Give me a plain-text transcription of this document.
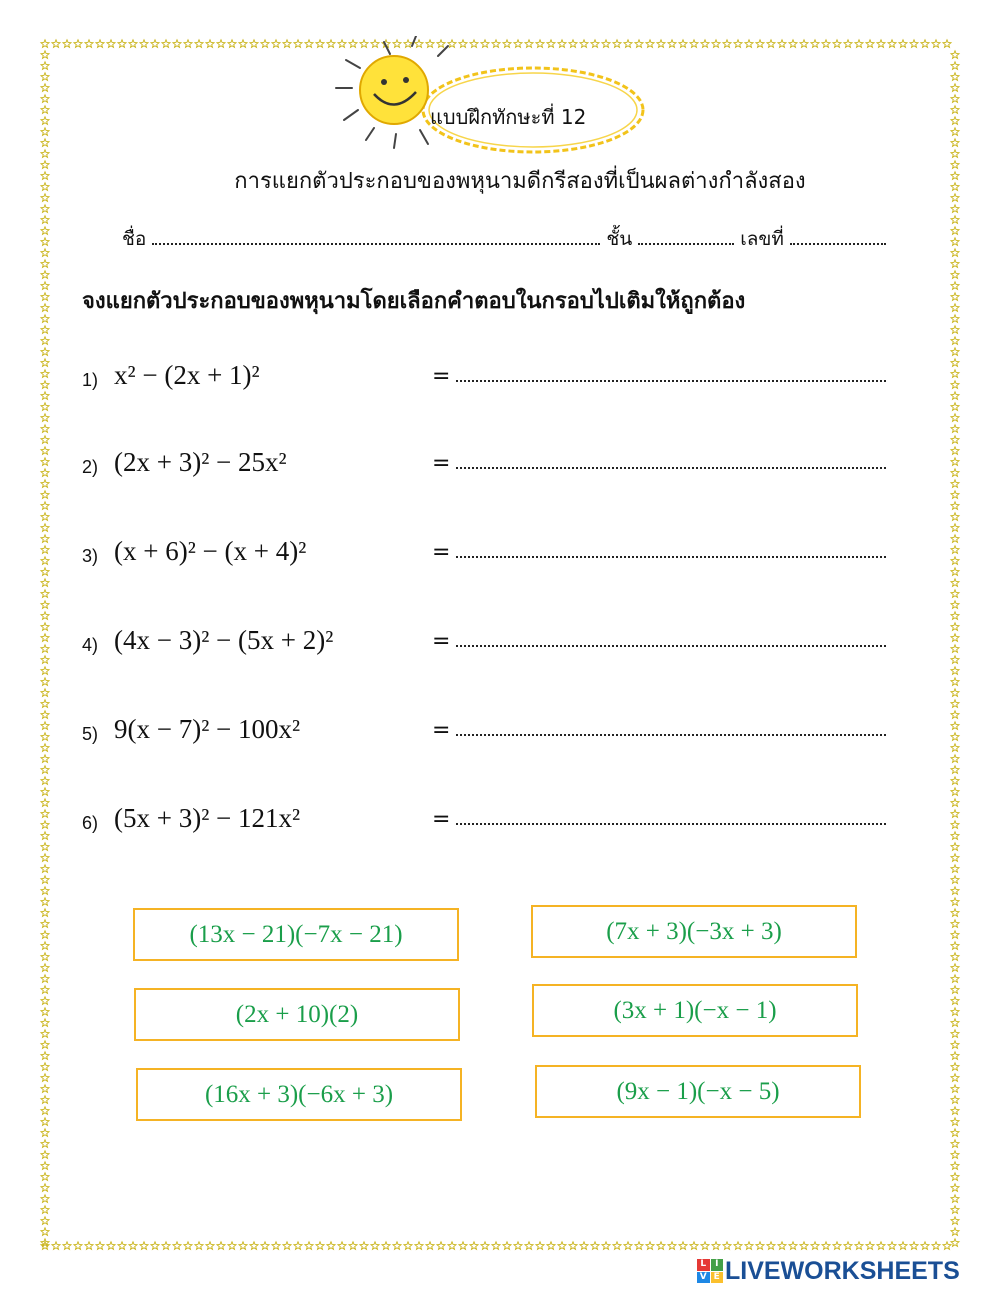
แบบฝึกทักษะที่ 12
การแยกตัวประกอบของพหุนามดีกรีสองที่เป็นผลต่างกำลังสอง
ชื่อ	ชั้น	เลขที่
จงแยกตัวประกอบของพหุนามโดยเลือกคำตอบในกรอบไปเติมให้ถูกต้อง
1) x² − (2x + 1)²	=
2) (2x + 3)² − 25x²	=
3) (x + 6)² − (x + 4)²	=
4) (4x − 3)² − (5x + 2)²	=
5) 9(x − 7)² − 100x²	=
6) (5x + 3)² − 121x²	=
(13x − 21)(−7x − 21)	(7x + 3)(−3x + 3)
(2x + 10)(2)	(3x + 1)(−x − 1)
(16x + 3)(−6x + 3)	(9x − 1)(−x − 5)
L I
V E LIVEWORKSHEETS
